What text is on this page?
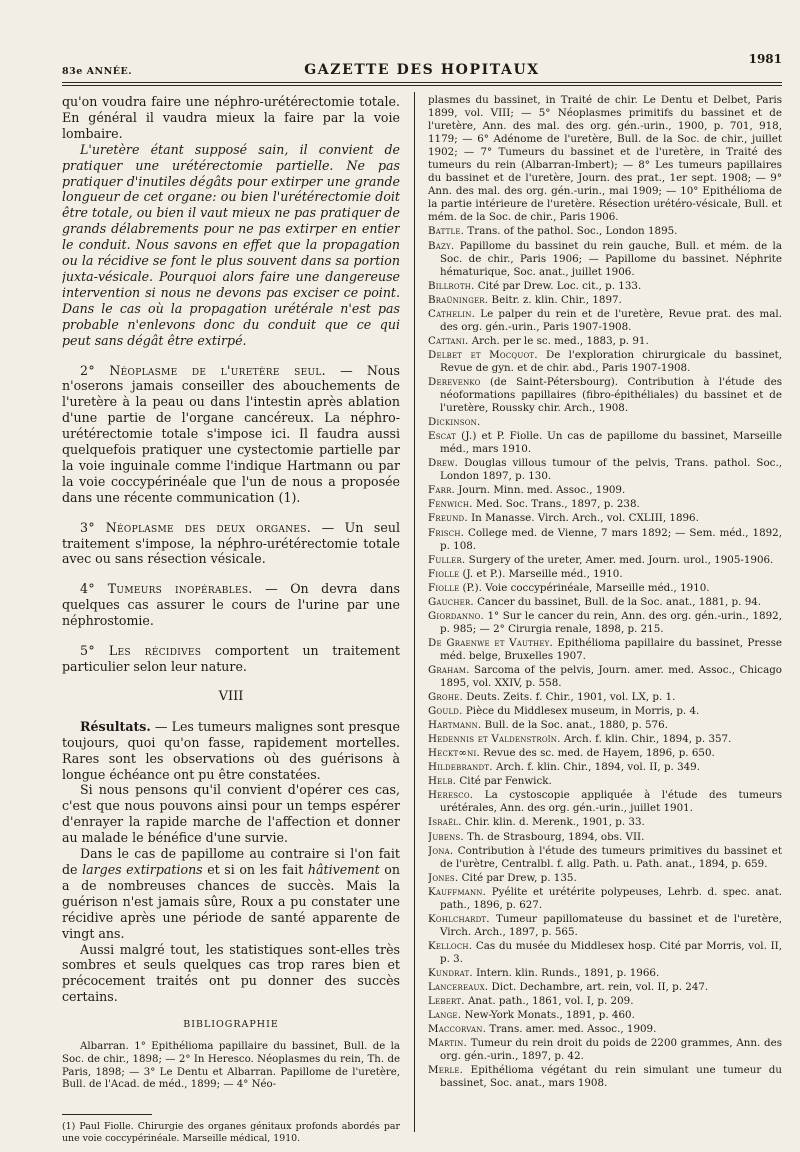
83e ANNÉE.	GAZETTE DES HOPITAUX
1981

qu'on voudra faire une néphro-urétérectomie totale. En général il vaudra mieux la faire par la voie lombaire.

L'uretère étant supposé sain, il convient de pratiquer une urétérectomie partielle. Ne pas pratiquer d'inutiles dégâts pour extirper une grande longueur de cet organe: ou bien l'urétérectomie doit être totale, ou bien il vaut mieux ne pas pratiquer de grands délabrements pour ne pas extirper en entier le conduit. Nous savons en effet que la propagation ou la récidive se font le plus souvent dans sa portion juxta-vésicale. Pourquoi alors faire une dangereuse intervention si nous ne devons pas exciser ce point. Dans le cas où la propagation urétérale n'est pas probable n'enlevons donc du conduit que ce qui peut sans dégât être extirpé.

2° Néoplasme de l'uretère seul. — Nous n'oserons jamais conseiller des abouchements de l'uretère à la peau ou dans l'intestin après ablation d'une partie de l'organe cancéreux. La néphro-urétérectomie totale s'impose ici. Il faudra aussi quelquefois pratiquer une cystectomie partielle par la voie inguinale comme l'indique Hartmann ou par la voie coccypérinéale que l'un de nous a proposée dans une récente communication (1).

3° Néoplasme des deux organes. — Un seul traitement s'impose, la néphro-urétérectomie totale avec ou sans résection vésicale.

4° Tumeurs inopérables. — On devra dans quelques cas assurer le cours de l'urine par une néphrostomie.

5° Les récidives comportent un traitement particulier selon leur nature.

VIII

Résultats. — Les tumeurs malignes sont presque toujours, quoi qu'on fasse, rapidement mortelles. Rares sont les observations où des guérisons à longue échéance ont pu être constatées.

Si nous pensons qu'il convient d'opérer ces cas, c'est que nous pouvons ainsi pour un temps espérer d'enrayer la rapide marche de l'affection et donner au malade le bénéfice d'une survie.

Dans le cas de papillome au contraire si l'on fait de larges extirpations et si on les fait hâtivement on a de nombreuses chances de succès. Mais la guérison n'est jamais sûre, Roux a pu constater une récidive après une période de santé apparente de vingt ans.

Aussi malgré tout, les statistiques sont-elles très sombres et seuls quelques cas trop rares bien et précocement traités ont pu donner des succès certains.

BIBLIOGRAPHIE

Albarran. 1° Epithélioma papillaire du bassinet, Bull. de la Soc. de chir., 1898; — 2° In Heresco. Néoplasmes du rein, Th. de Paris, 1898; — 3° Le Dentu et Albarran. Papillome de l'uretère, Bull. de l'Acad. de méd., 1899; — 4° Néo-

(1) Paul Fiolle. Chirurgie des organes génitaux profonds abordés par une voie coccypérinéale. Marseille médical, 1910.

plasmes du bassinet, in Traité de chir. Le Dentu et Delbet, Paris 1899, vol. VIII; — 5° Néoplasmes primitifs du bassinet et de l'uretère, Ann. des mal. des org. gén.-urin., 1900, p. 701, 918, 1179; — 6° Adénome de l'uretère, Bull. de la Soc. de chir., juillet 1902; — 7° Tumeurs du bassinet et de l'uretère, in Traité des tumeurs du rein (Albarran-Imbert); — 8° Les tumeurs papillaires du bassinet et de l'uretère, Journ. des prat., 1er sept. 1908; — 9° Ann. des mal. des org. gén.-urin., mai 1909; — 10° Epithélioma de la partie intérieure de l'uretère. Résection urétéro-vésicale, Bull. et mém. de la Soc. de chir., Paris 1906.

Battle. Trans. of the pathol. Soc., London 1895.

Bazy. Papillome du bassinet du rein gauche, Bull. et mém. de la Soc. de chir., Paris 1906; — Papillome du bassinet. Néphrite hématurique, Soc. anat., juillet 1906.

Billroth. Cité par Drew. Loc. cit., p. 133.

Braüninger. Beitr. z. klin. Chir., 1897.

Cathelin. Le palper du rein et de l'uretère, Revue prat. des mal. des org. gén.-urin., Paris 1907-1908.

Cattani. Arch. per le sc. med., 1883, p. 91.

Delbet et Mocquot. De l'exploration chirurgicale du bassinet, Revue de gyn. et de chir. abd., Paris 1907-1908.

Derevenko (de Saint-Pétersbourg). Contribution à l'étude des néoformations papillaires (fibro-épithéliales) du bassinet et de l'uretère, Roussky chir. Arch., 1908.

Dickinson.

Escat (J.) et P. Fiolle. Un cas de papillome du bassinet, Marseille méd., mars 1910.

Drew. Douglas villous tumour of the pelvis, Trans. pathol. Soc., London 1897, p. 130.

Farr. Journ. Minn. med. Assoc., 1909.

Fenwich. Med. Soc. Trans., 1897, p. 238.

Freund. In Manasse. Virch. Arch., vol. CXLIII, 1896.

Frisch. College med. de Vienne, 7 mars 1892; — Sem. méd., 1892, p. 108.

Fuller. Surgery of the ureter, Amer. med. Journ. urol., 1905-1906.

Fiolle (J. et P.). Marseille méd., 1910.

Fiolle (P.). Voie coccypérinéale, Marseille méd., 1910.

Gaucher. Cancer du bassinet, Bull. de la Soc. anat., 1881, p. 94.

Giordanno. 1° Sur le cancer du rein, Ann. des org. gén.-urin., 1892, p. 985; — 2° Cirurgia renale, 1898, p. 215.

De Graenwe et Vauthey. Epithélioma papillaire du bassinet, Presse méd. belge, Bruxelles 1907.

Graham. Sarcoma of the pelvis, Journ. amer. med. Assoc., Chicago 1895, vol. XXIV, p. 558.

Grohe. Deuts. Zeits. f. Chir., 1901, vol. LX, p. 1.

Gould. Pièce du Middlesex museum, in Morris, p. 4.

Hartmann. Bull. de la Soc. anat., 1880, p. 576.

Hedennis et Valdenstroïn. Arch. f. klin. Chir., 1894, p. 357.

Heckt∞ni. Revue des sc. med. de Hayem, 1896, p. 650.

Hildebrandt. Arch. f. klin. Chir., 1894, vol. II, p. 349.

Helb. Cité par Fenwick.

Heresco. La cystoscopie appliquée à l'étude des tumeurs urétérales, Ann. des org. gén.-urin., juillet 1901.

Israël. Chir. klin. d. Merenk., 1901, p. 33.

Jubens. Th. de Strasbourg, 1894, obs. VII.

Jona. Contribution à l'étude des tumeurs primitives du bassinet et de l'urètre, Centralbl. f. allg. Path. u. Path. anat., 1894, p. 659.

Jones. Cité par Drew, p. 135.

Kauffmann. Pyélite et urétérite polypeuses, Lehrb. d. spec. anat. path., 1896, p. 627.

Kohlchardt. Tumeur papillomateuse du bassinet et de l'uretère, Virch. Arch., 1897, p. 565.

Kelloch. Cas du musée du Middlesex hosp. Cité par Morris, vol. II, p. 3.

Kundrat. Intern. klin. Runds., 1891, p. 1966.

Lancereaux. Dict. Dechambre, art. rein, vol. II, p. 247.

Lebert. Anat. path., 1861, vol. I, p. 209.

Lange. New-York Monats., 1891, p. 460.

Maccorvan. Trans. amer. med. Assoc., 1909.

Martin. Tumeur du rein droit du poids de 2200 grammes, Ann. des org. gén.-urin., 1897, p. 42.

Merle. Epithélioma végétant du rein simulant une tumeur du bassinet, Soc. anat., mars 1908.
